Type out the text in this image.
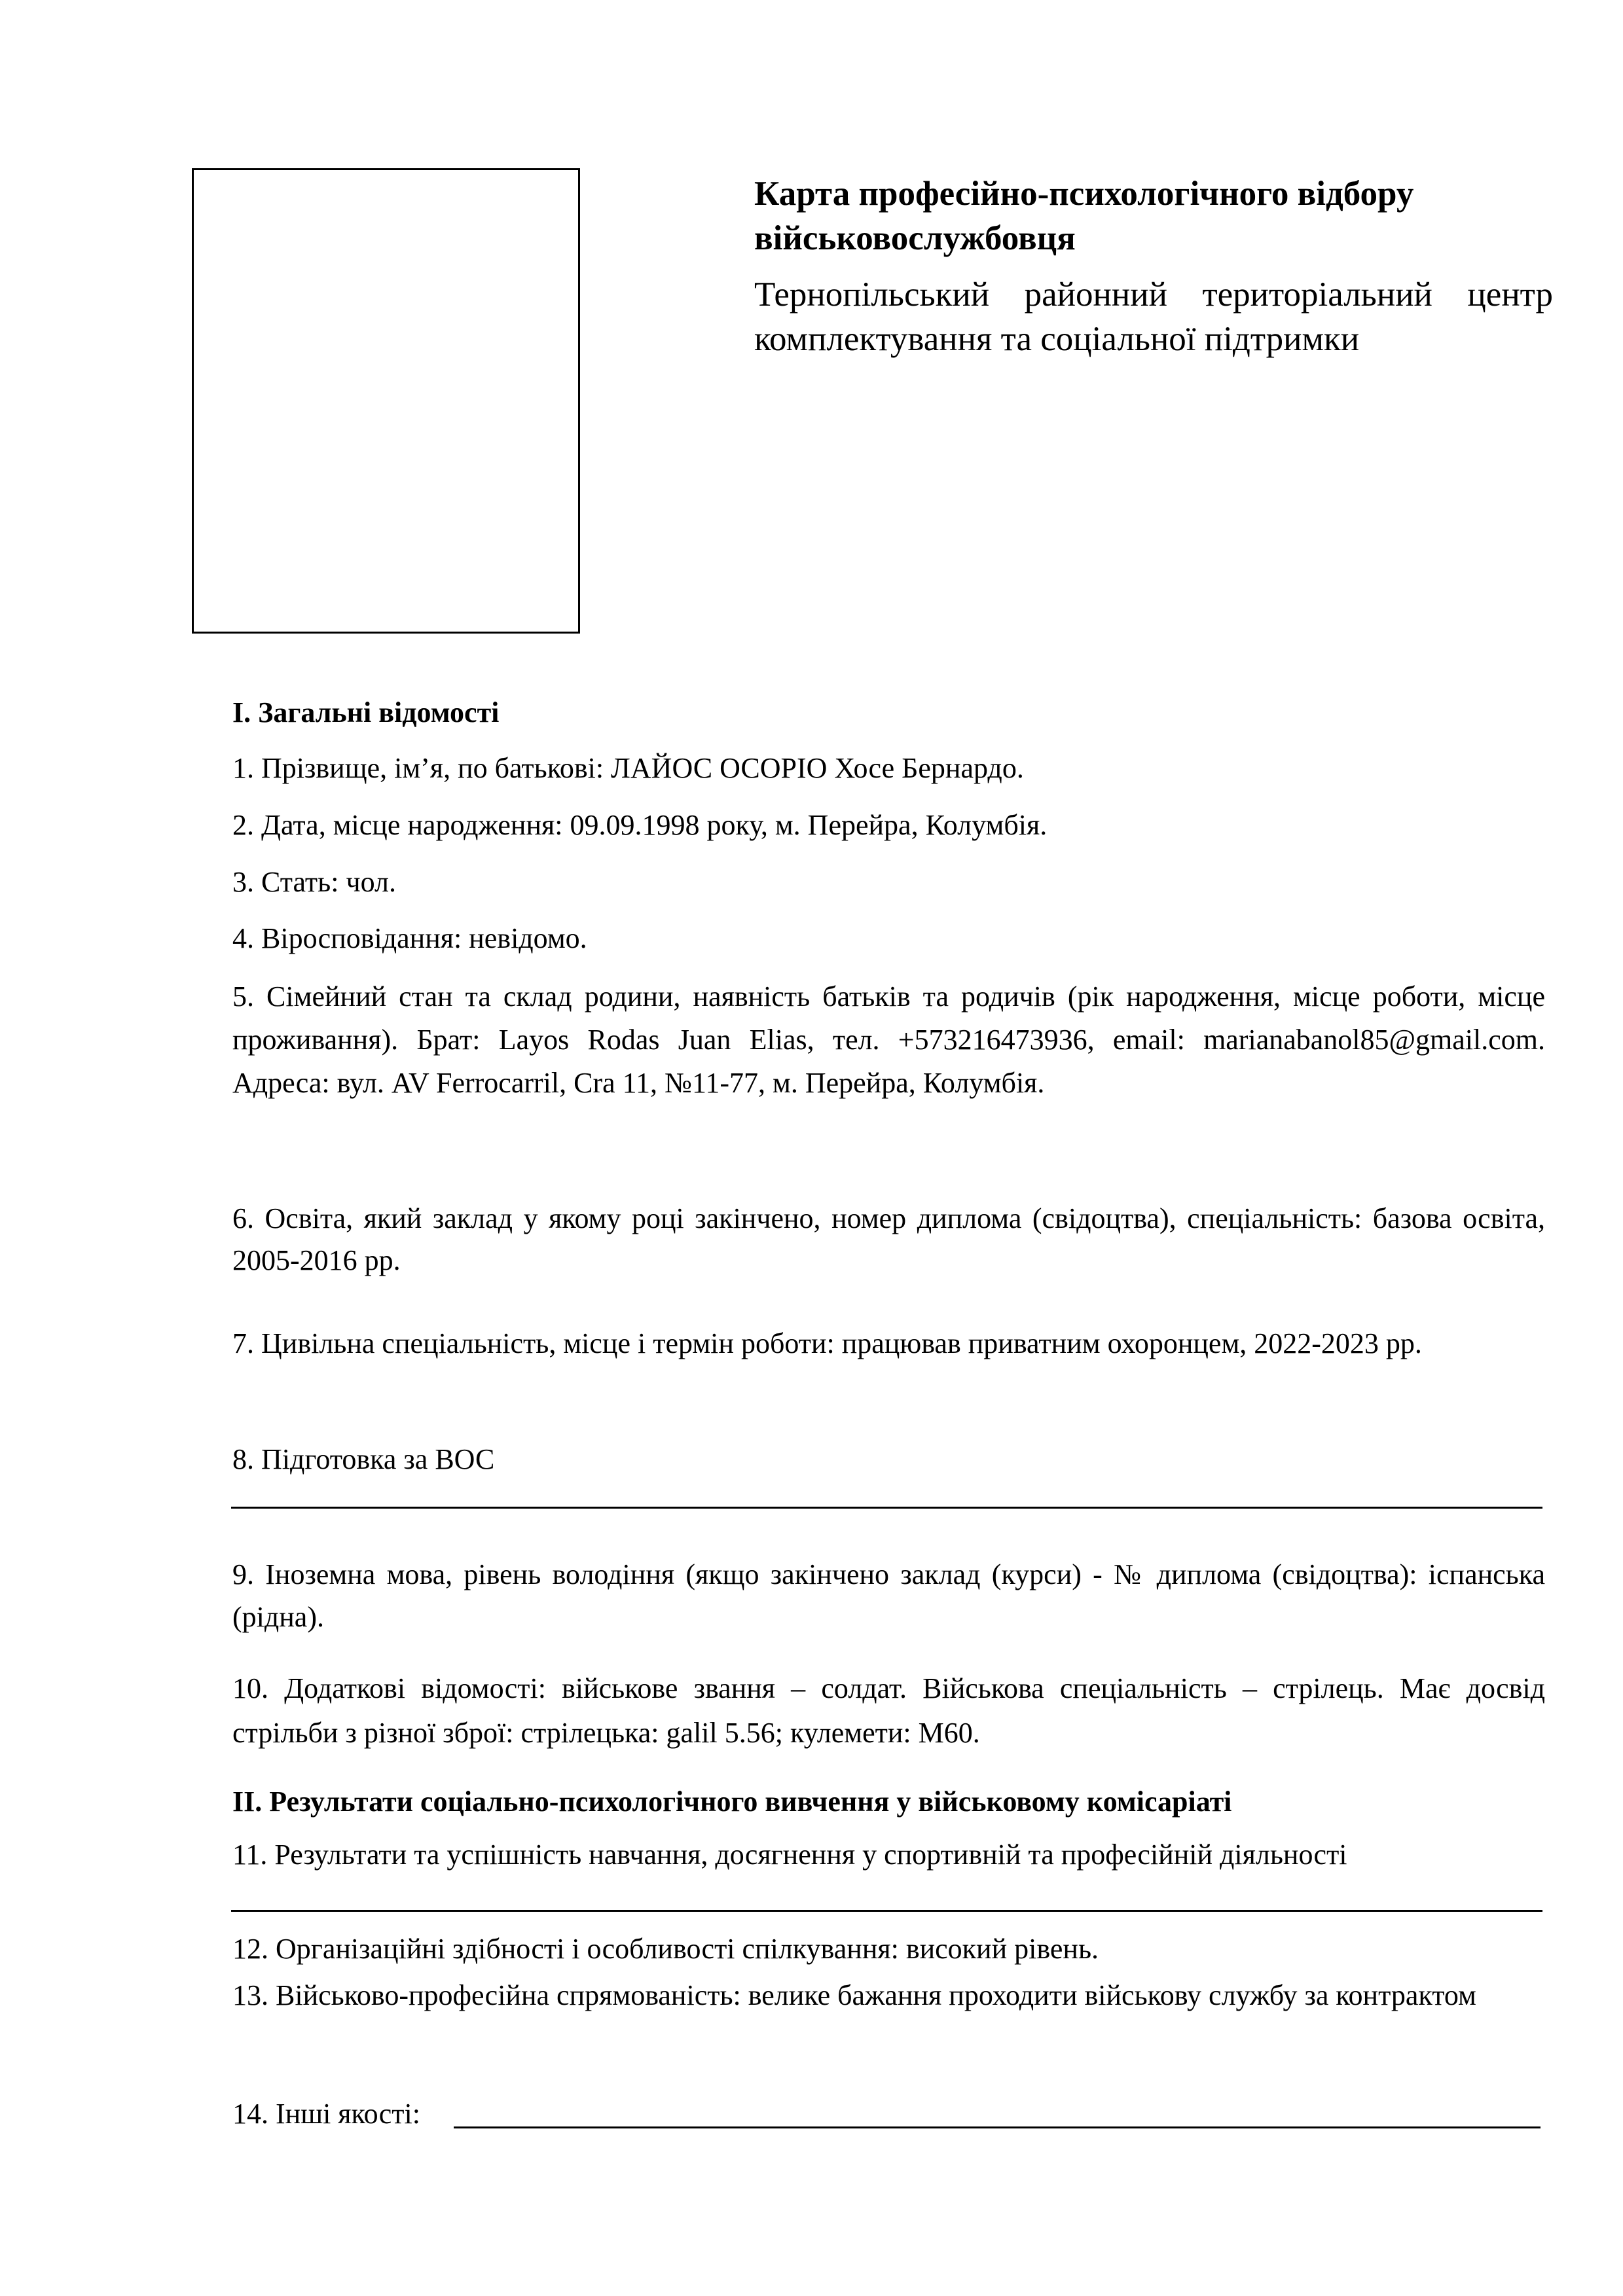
Карта професійно-психологічного відбору військовослужбовця

Тернопільський районний територіальний центр комплектування та соціальної підтримки

І. Загальні відомості
1. Прізвище, ім’я, по батькові: ЛАЙОС ОСОРІО Хосе Бернардо.
2. Дата, місце народження: 09.09.1998 року, м. Перейра, Колумбія.
3. Стать: чол.
4. Віросповідання: невідомо.
5. Сімейний стан та склад родини, наявність батьків та родичів (рік народження, місце роботи, місце проживання). Брат: Layos Rodas Juan Elias, тел. +573216473936, email: marianabanol85@gmail.com. Адреса: вул. AV Ferrocarril, Cra 11, №11-77, м. Перейра, Колумбія.
6. Освіта, який заклад у якому році закінчено, номер диплома (свідоцтва), спеціальність: базова освіта, 2005-2016 рр.
7. Цивільна спеціальність, місце і термін роботи: працював приватним охоронцем, 2022-2023 рр.
8. Підготовка за ВОС
9. Іноземна мова, рівень володіння (якщо закінчено заклад (курси) - № диплома (свідоцтва): іспанська (рідна).
10. Додаткові відомості: військове звання – солдат. Військова спеціальність – стрілець. Має досвід стрільби з різної зброї: стрілецька: galil 5.56; кулемети: М60.
ІІ. Результати соціально-психологічного вивчення у військовому комісаріаті
11. Результати та успішність навчання, досягнення у спортивній та професійній діяльності
12. Організаційні здібності і особливості спілкування: високий рівень.
13. Військово-професійна спрямованість: велике бажання проходити військову службу за контрактом
14. Інші якості:
